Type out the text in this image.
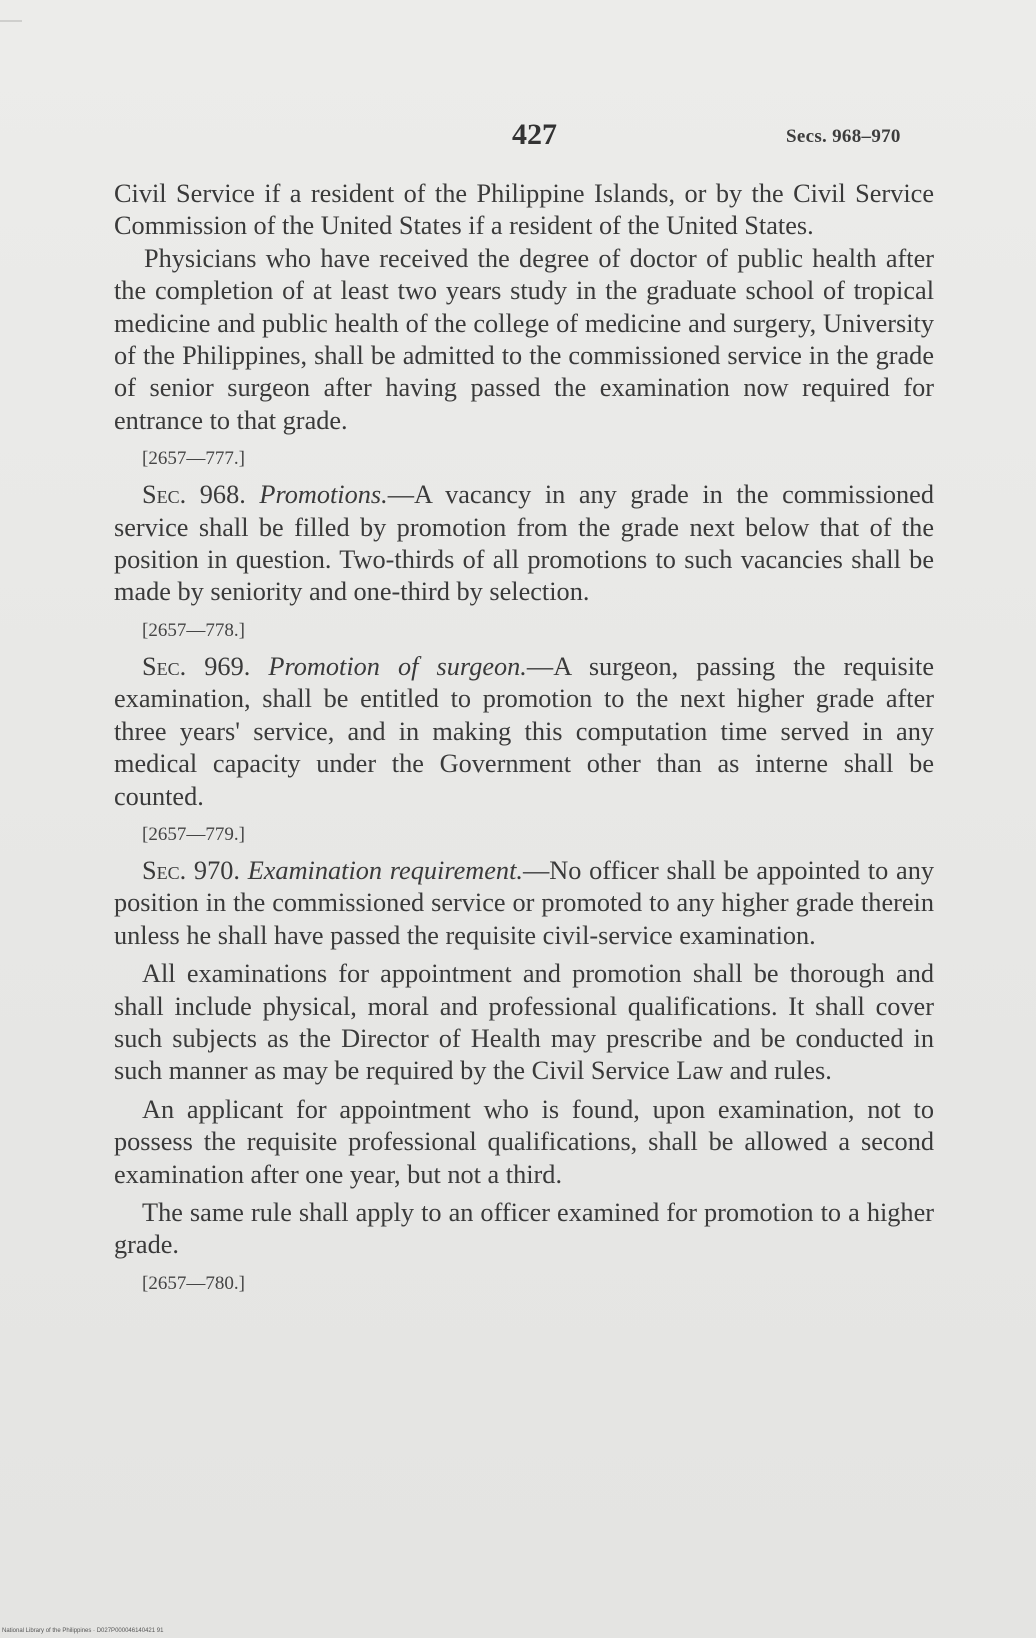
427	Secs. 968–970

Civil Service if a resident of the Philippine Islands, or by the Civil Service Commission of the United States if a resident of the United States.

Physicians who have received the degree of doctor of public health after the completion of at least two years study in the graduate school of tropical medicine and public health of the college of medicine and surgery, University of the Philippines, shall be admitted to the commissioned service in the grade of senior surgeon after having passed the examination now required for entrance to that grade.

[2657—777.]

Sec. 968. Promotions.—A vacancy in any grade in the commissioned service shall be filled by promotion from the grade next below that of the position in question. Two-thirds of all promotions to such vacancies shall be made by seniority and one-third by selection.

[2657—778.]

Sec. 969. Promotion of surgeon.—A surgeon, passing the requisite examination, shall be entitled to promotion to the next higher grade after three years' service, and in making this computation time served in any medical capacity under the Government other than as interne shall be counted.

[2657—779.]

Sec. 970. Examination requirement.—No officer shall be appointed to any position in the commissioned service or promoted to any higher grade therein unless he shall have passed the requisite civil-service examination.

All examinations for appointment and promotion shall be thorough and shall include physical, moral and professional qualifications. It shall cover such subjects as the Director of Health may prescribe and be conducted in such manner as may be required by the Civil Service Law and rules.

An applicant for appointment who is found, upon examination, not to possess the requisite professional qualifications, shall be allowed a second examination after one year, but not a third.

The same rule shall apply to an officer examined for promotion to a higher grade.

[2657—780.]
National Library of the Philippines · D027P000046140421 91
